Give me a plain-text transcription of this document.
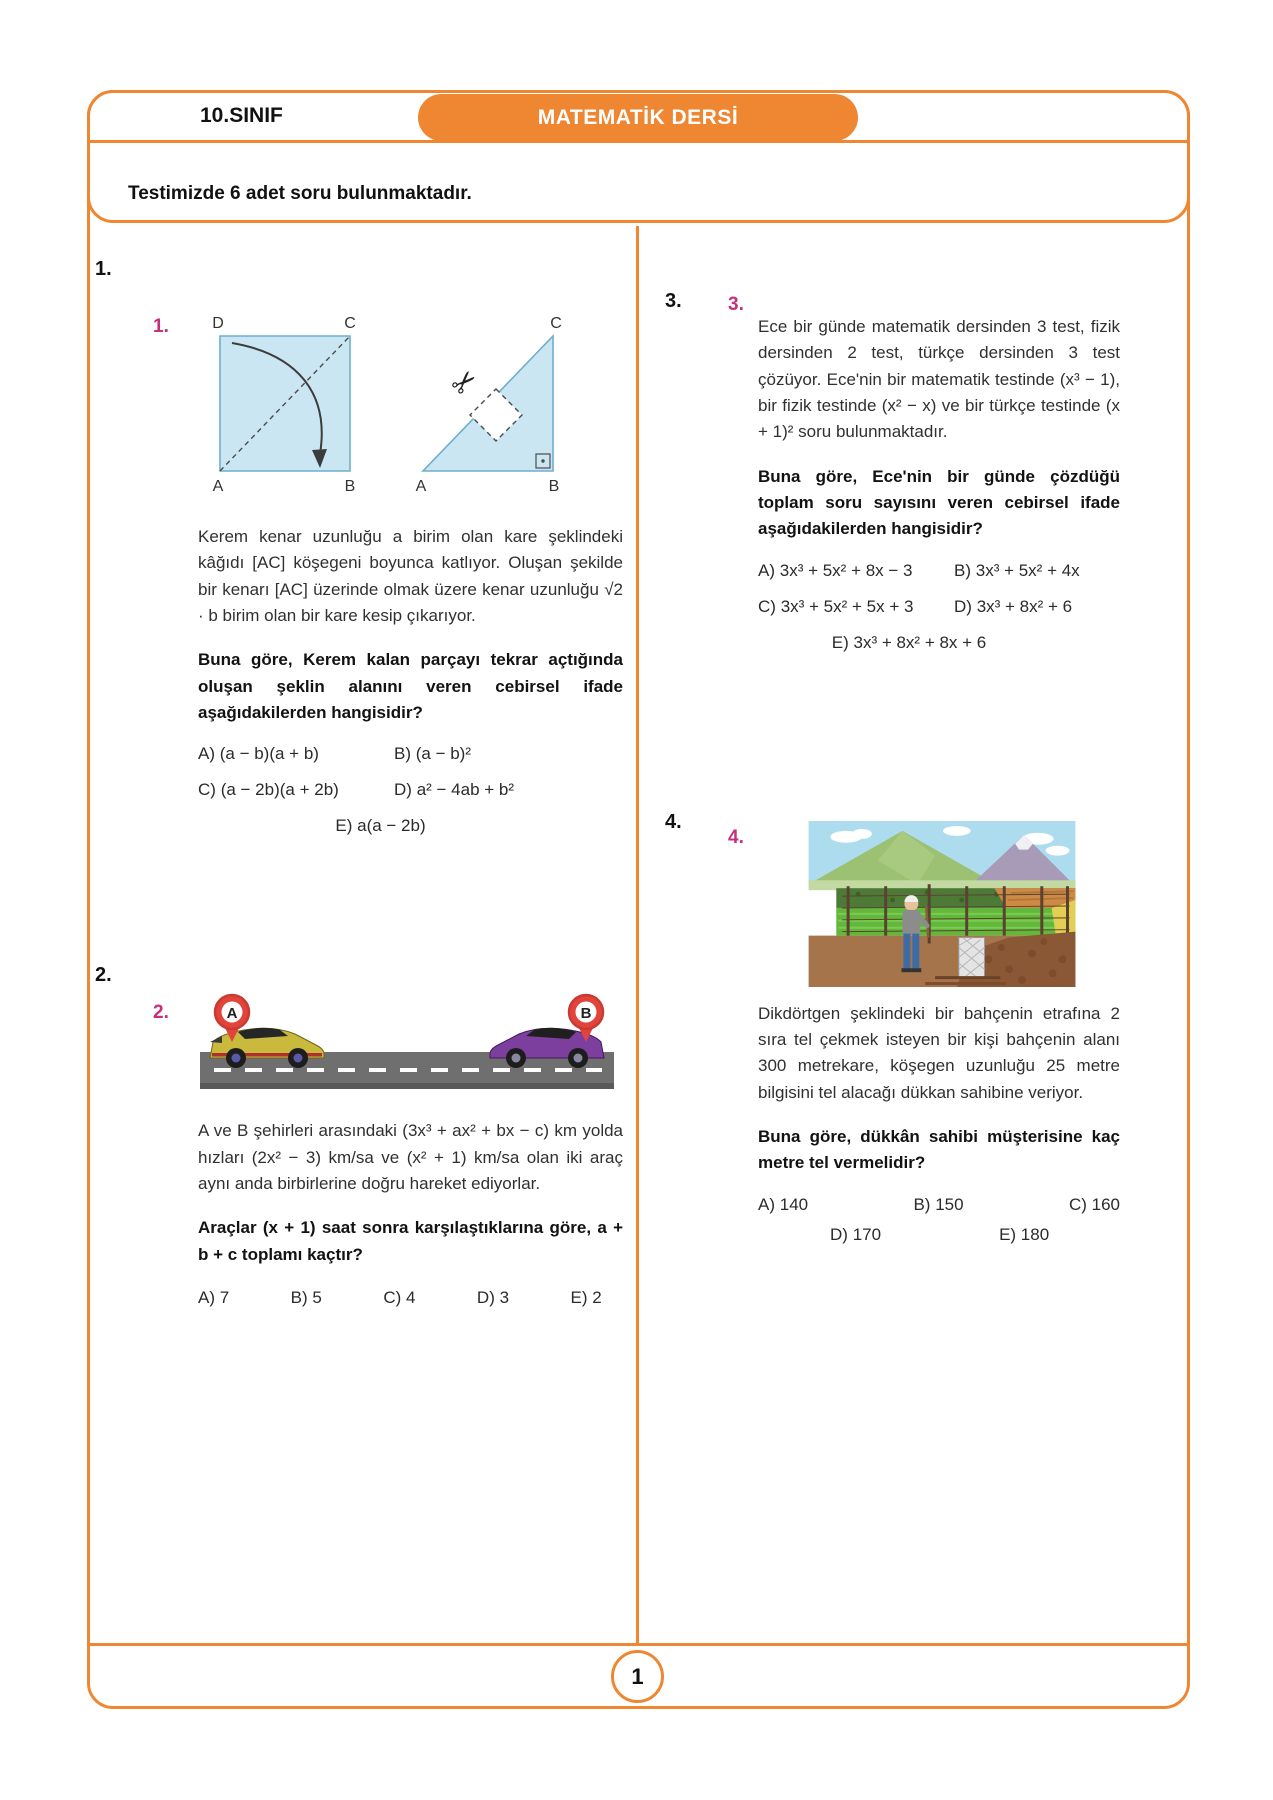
10.SINIF	MATEMATİK DERSİ
Testimizde 6 adet soru bulunmaktadır.
1
1.
1.	D	C
A	B
✂
C
A	B

Kerem kenar uzunluğu a birim olan kare şeklindeki kâğıdı [AC] köşegeni boyunca katlıyor. Oluşan şekilde bir kenarı [AC] üzerinde olmak üzere kenar uzunluğu √2 · b birim olan bir kare kesip çıkarıyor.

Buna göre, Kerem kalan parçayı tekrar açtığında oluşan şeklin alanını veren cebirsel ifade aşağıdakilerden hangisidir?

A) (a − b)(a + b)	B) (a − b)²
C) (a − 2b)(a + 2b)	D) a² − 4ab + b²
E) a(a − 2b)
2.
2.	A	B

A ve B şehirleri arasındaki (3x³ + ax² + bx − c) km yolda hızları (2x² − 3) km/sa ve (x² + 1) km/sa olan iki araç aynı anda birbirlerine doğru hareket ediyorlar.

Araçlar (x + 1) saat sonra karşılaştıklarına göre, a + b + c toplamı kaçtır?

A) 7	B) 5	C) 4	D) 3	E) 2
3.	3.

Ece bir günde matematik dersinden 3 test, fizik dersinden 2 test, türkçe dersinden 3 test çözüyor. Ece'nin bir matematik testinde (x³ − 1), bir fizik testinde (x² − x) ve bir türkçe testinde (x + 1)² soru bulunmaktadır.

Buna göre, Ece'nin bir günde çözdüğü toplam soru sayısını veren cebirsel ifade aşağıdakilerden hangisidir?

A) 3x³ + 5x² + 8x − 3	B) 3x³ + 5x² + 4x
C) 3x³ + 5x² + 5x + 3	D) 3x³ + 8x² + 6
E) 3x³ + 8x² + 8x + 6
4.
4.

Dikdörtgen şeklindeki bir bahçenin etrafına 2 sıra tel çekmek isteyen bir kişi bahçenin alanı 300 metrekare, köşegen uzunluğu 25 metre bilgisini tel alacağı dükkan sahibine veriyor.

Buna göre, dükkân sahibi müşterisine kaç metre tel vermelidir?

A) 140	B) 150	C) 160
D) 170	E) 180
